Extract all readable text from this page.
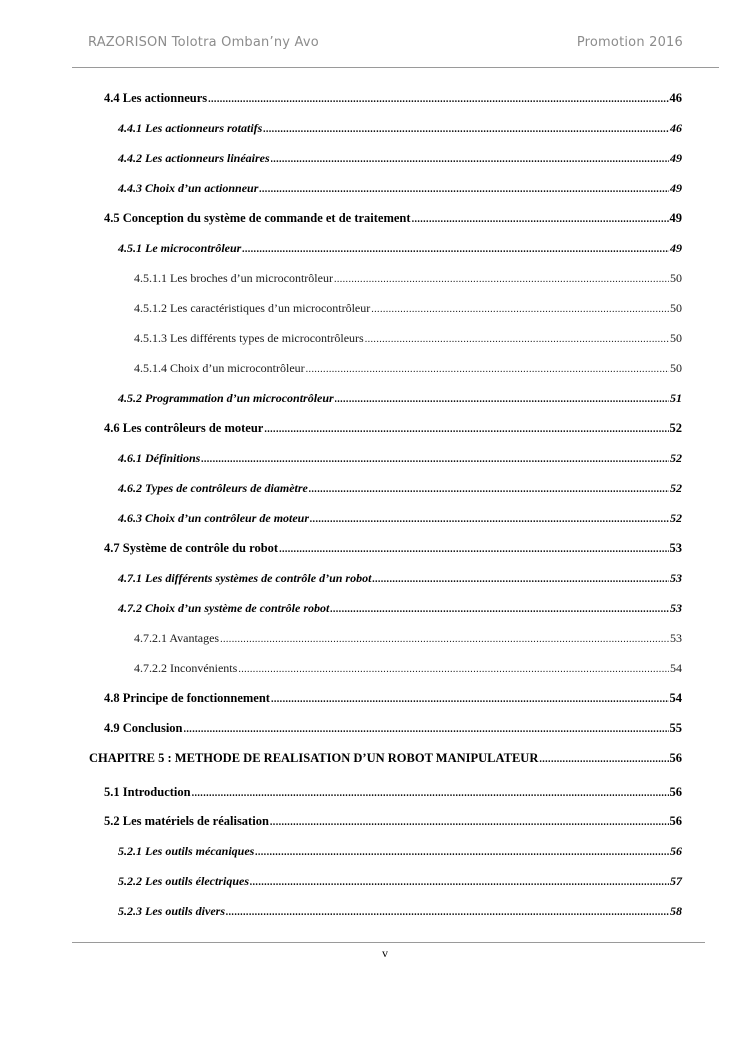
RAZORISON Tolotra Omban’ny Avo	Promotion 2016
4.4 Les actionneurs .....	46
4.4.1 Les actionneurs rotatifs .....	46
4.4.2 Les actionneurs linéaires .....	49
4.4.3 Choix d’un actionneur .....	49
4.5 Conception du système de commande et de traitement .....	49
4.5.1 Le microcontrôleur .....	49
4.5.1.1 Les broches d’un microcontrôleur .....	50
4.5.1.2 Les caractéristiques d’un microcontrôleur .....	50
4.5.1.3 Les différents types de microcontrôleurs .....	50
4.5.1.4 Choix d’un microcontrôleur .....	50
4.5.2 Programmation d’un microcontrôleur .....	51
4.6 Les contrôleurs de moteur .....	52
4.6.1 Définitions .....	52
4.6.2 Types de contrôleurs de diamètre .....	52
4.6.3 Choix d’un contrôleur de moteur .....	52
4.7 Système de contrôle du robot .....	53
4.7.1 Les différents systèmes de contrôle d’un robot .....	53
4.7.2 Choix d’un système de contrôle robot .....	53
4.7.2.1 Avantages .....	53
4.7.2.2 Inconvénients .....	54
4.8 Principe de fonctionnement .....	54
4.9 Conclusion .....	55
CHAPITRE 5 : METHODE DE REALISATION D’UN ROBOT MANIPULATEUR .....	56
5.1 Introduction .....	56
5.2 Les matériels de réalisation .....	56
5.2.1 Les outils mécaniques .....	56
5.2.2 Les outils électriques .....	57
5.2.3 Les outils divers .....	58
v
